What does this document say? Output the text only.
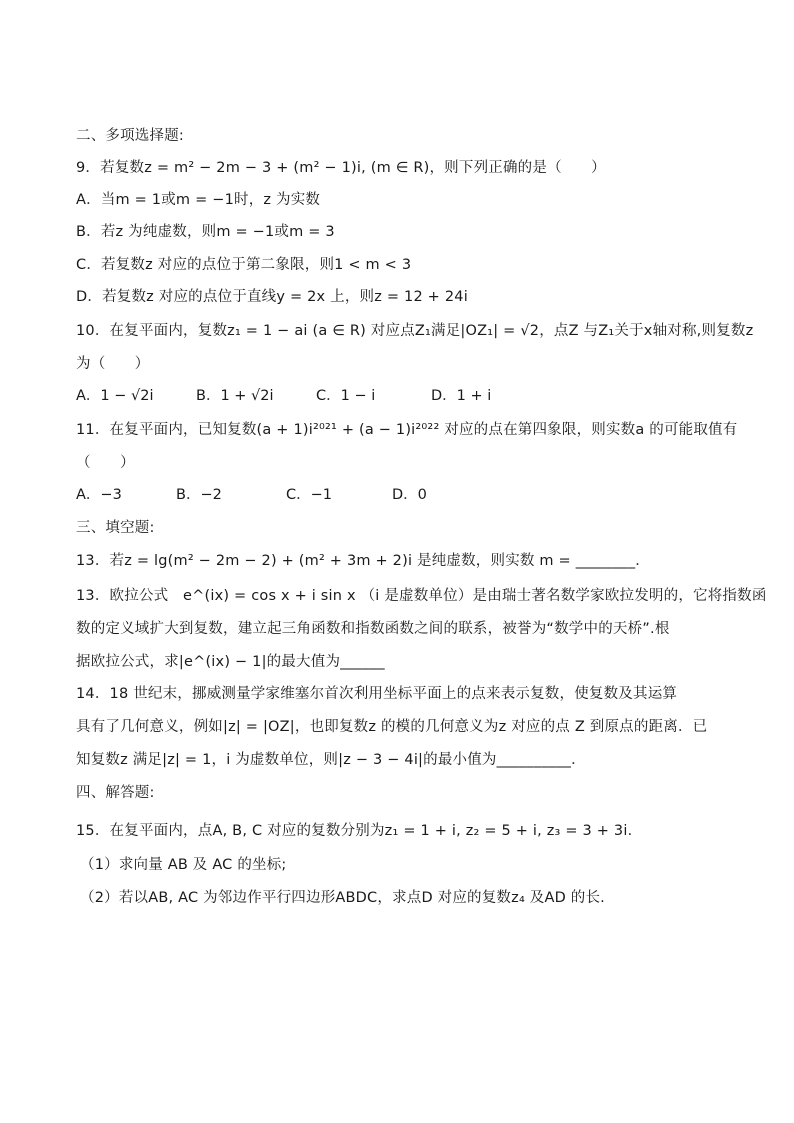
二、多项选择题:
9．若复数z = m² − 2m − 3 + (m² − 1)i, (m ∈ R)，则下列正确的是（　　）
A．当m = 1或m = −1时，z 为实数
B．若z 为纯虚数，则m = −1或m = 3
C．若复数z 对应的点位于第二象限，则1 < m < 3
D．若复数z 对应的点位于直线y = 2x 上，则z = 12 + 24i
10．在复平面内，复数z₁ = 1 − ai (a ∈ R) 对应点Z₁满足|OZ₁| = √2，点Z 与Z₁关于x轴对称,则复数z
为（　　）
A．1 − √2i	B．1 + √2i	C．1 − i	D．1 + i
11．在复平面内，已知复数(a + 1)i²⁰²¹ + (a − 1)i²⁰²² 对应的点在第四象限，则实数a 的可能取值有
（　　）
A．−3	B．−2	C．−1	D．0
三、填空题:
13．若z = lg(m² − 2m − 2) + (m² + 3m + 2)i 是纯虚数，则实数 m = ________．
13．欧拉公式　e^(ix) = cos x + i sin x （i 是虚数单位）是由瑞士著名数学家欧拉发明的，它将指数函
数的定义域扩大到复数，建立起三角函数和指数函数之间的联系，被誉为“数学中的天桥”.根
据欧拉公式，求|e^(ix) − 1|的最大值为______
14．18 世纪末，挪威测量学家维塞尔首次利用坐标平面上的点来表示复数，使复数及其运算
具有了几何意义，例如|z| = |OZ|，也即复数z 的模的几何意义为z 对应的点 Z 到原点的距离．已
知复数z 满足|z| = 1，i 为虚数单位，则|z − 3 − 4i|的最小值为__________．
四、解答题:
15．在复平面内，点A, B, C 对应的复数分别为z₁ = 1 + i, z₂ = 5 + i, z₃ = 3 + 3i．
（1）求向量 AB 及 AC 的坐标;
（2）若以AB, AC 为邻边作平行四边形ABDC，求点D 对应的复数z₄ 及AD 的长.
